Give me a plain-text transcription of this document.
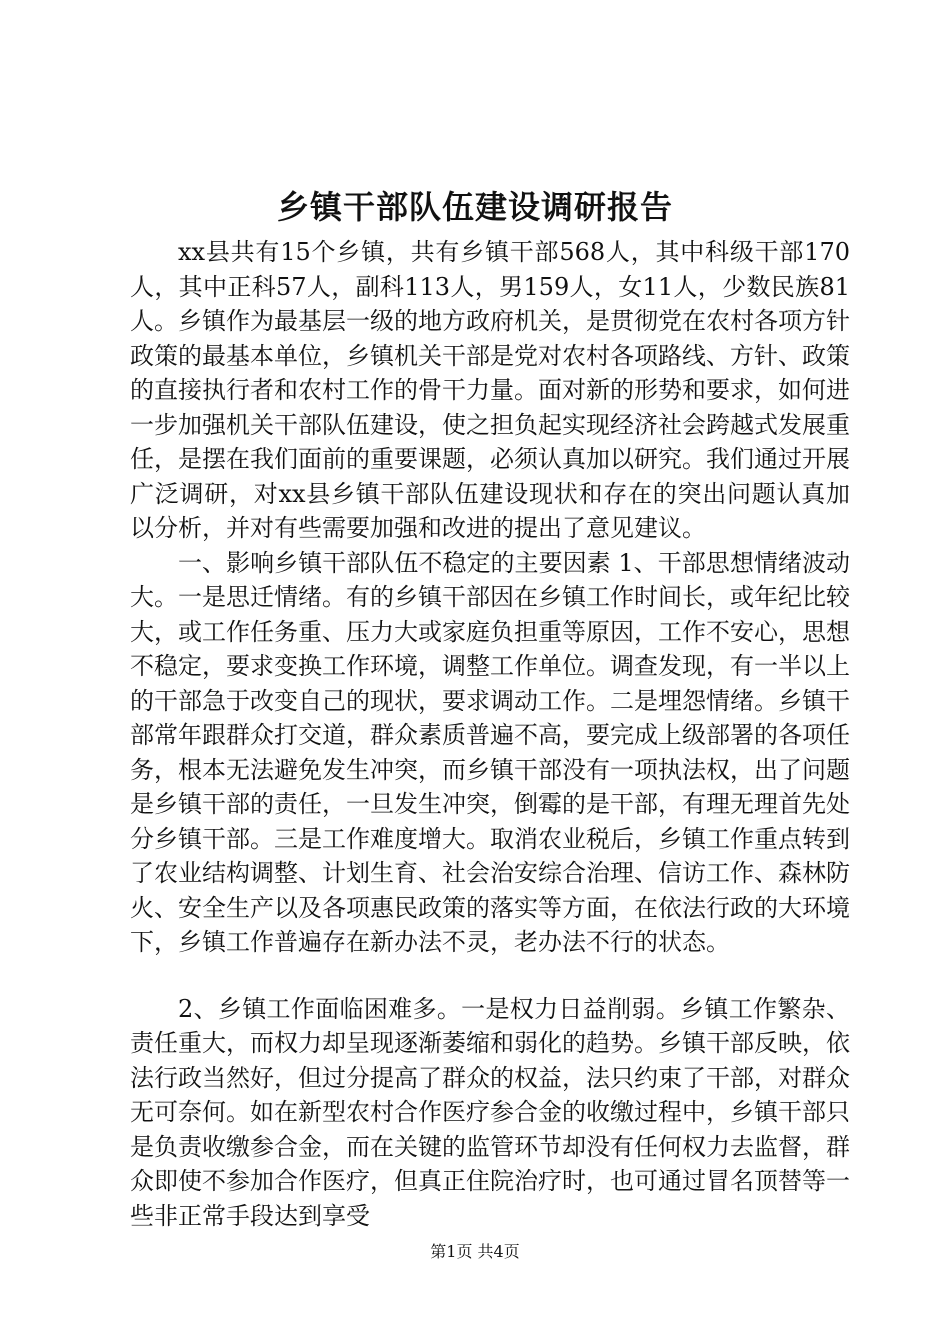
乡镇干部队伍建设调研报告

xx县共有15个乡镇，共有乡镇干部568人，其中科级干部170人，其中正科57人，副科113人，男159人，女11人，少数民族81人。乡镇作为最基层一级的地方政府机关，是贯彻党在农村各项方针政策的最基本单位，乡镇机关干部是党对农村各项路线、方针、政策的直接执行者和农村工作的骨干力量。面对新的形势和要求，如何进一步加强机关干部队伍建设，使之担负起实现经济社会跨越式发展重任，是摆在我们面前的重要课题，必须认真加以研究。我们通过开展广泛调研，对xx县乡镇干部队伍建设现状和存在的突出问题认真加以分析，并对有些需要加强和改进的提出了意见建议。

一、影响乡镇干部队伍不稳定的主要因素 1、干部思想情绪波动大。一是思迁情绪。有的乡镇干部因在乡镇工作时间长，或年纪比较大，或工作任务重、压力大或家庭负担重等原因，工作不安心，思想不稳定，要求变换工作环境，调整工作单位。调查发现，有一半以上的干部急于改变自己的现状，要求调动工作。二是埋怨情绪。乡镇干部常年跟群众打交道，群众素质普遍不高，要完成上级部署的各项任务，根本无法避免发生冲突，而乡镇干部没有一项执法权，出了问题是乡镇干部的责任，一旦发生冲突，倒霉的是干部，有理无理首先处分乡镇干部。三是工作难度增大。取消农业税后，乡镇工作重点转到了农业结构调整、计划生育、社会治安综合治理、信访工作、森林防火、安全生产以及各项惠民政策的落实等方面，在依法行政的大环境下，乡镇工作普遍存在新办法不灵，老办法不行的状态。

2、乡镇工作面临困难多。一是权力日益削弱。乡镇工作繁杂、责任重大，而权力却呈现逐渐萎缩和弱化的趋势。乡镇干部反映，依法行政当然好，但过分提高了群众的权益，法只约束了干部，对群众无可奈何。如在新型农村合作医疗参合金的收缴过程中，乡镇干部只是负责收缴参合金，而在关键的监管环节却没有任何权力去监督，群众即使不参加合作医疗，但真正住院治疗时，也可通过冒名顶替等一些非正常手段达到享受

第1页 共4页
